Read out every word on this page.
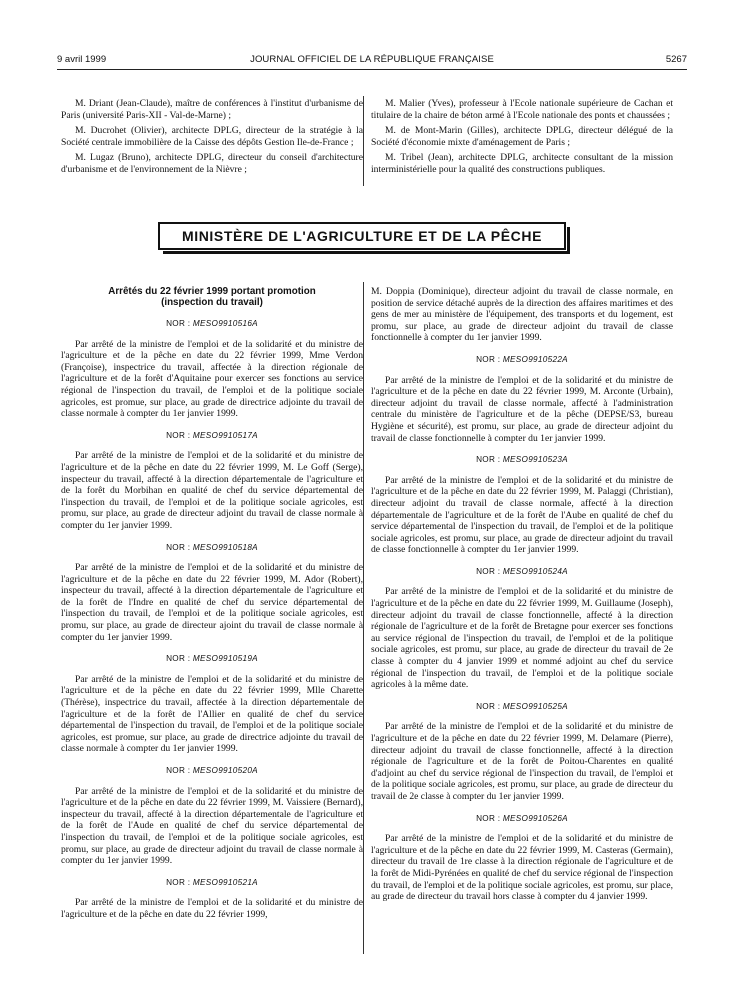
9 avril 1999	JOURNAL OFFICIEL DE LA RÉPUBLIQUE FRANÇAISE	5267

M. Driant (Jean-Claude), maître de conférences à l'institut d'urbanisme de Paris (université Paris-XII - Val-de-Marne) ;

M. Ducrohet (Olivier), architecte DPLG, directeur de la stratégie à la Société centrale immobilière de la Caisse des dépôts Gestion Ile-de-France ;

M. Lugaz (Bruno), architecte DPLG, directeur du conseil d'architecture d'urbanisme et de l'environnement de la Nièvre ;

M. Malier (Yves), professeur à l'Ecole nationale supérieure de Cachan et titulaire de la chaire de béton armé à l'Ecole nationale des ponts et chaussées ;

M. de Mont-Marin (Gilles), architecte DPLG, directeur délégué de la Société d'économie mixte d'aménagement de Paris ;

M. Tribel (Jean), architecte DPLG, architecte consultant de la mission interministérielle pour la qualité des constructions publiques.

MINISTÈRE DE L'AGRICULTURE ET DE LA PÊCHE
Arrêtés du 22 février 1999 portant promotion
(inspection du travail)
NOR : MESO9910516A

Par arrêté de la ministre de l'emploi et de la solidarité et du ministre de l'agriculture et de la pêche en date du 22 février 1999, Mme Verdon (Françoise), inspectrice du travail, affectée à la direction régionale de l'agriculture et de la forêt d'Aquitaine pour exercer ses fonctions au service régional de l'inspection du travail, de l'emploi et de la politique sociale agricoles, est promue, sur place, au grade de directrice adjointe du travail de classe normale à compter du 1er janvier 1999.

NOR : MESO9910517A

Par arrêté de la ministre de l'emploi et de la solidarité et du ministre de l'agriculture et de la pêche en date du 22 février 1999, M. Le Goff (Serge), inspecteur du travail, affecté à la direction départementale de l'agriculture et de la forêt du Morbihan en qualité de chef du service départemental de l'inspection du travail, de l'emploi et de la politique sociale agricoles, est promu, sur place, au grade de directeur adjoint du travail de classe normale à compter du 1er janvier 1999.

NOR : MESO9910518A

Par arrêté de la ministre de l'emploi et de la solidarité et du ministre de l'agriculture et de la pêche en date du 22 février 1999, M. Ador (Robert), inspecteur du travail, affecté à la direction départementale de l'agriculture et de la forêt de l'Indre en qualité de chef du service départemental de l'inspection du travail, de l'emploi et de la politique sociale agricoles, est promu, sur place, au grade de directeur ajoint du travail de classe normale à compter du 1er janvier 1999.

NOR : MESO9910519A

Par arrêté de la ministre de l'emploi et de la solidarité et du ministre de l'agriculture et de la pêche en date du 22 février 1999, Mlle Charette (Thérèse), inspectrice du travail, affectée à la direction départementale de l'agriculture et de la forêt de l'Allier en qualité de chef du service départemental de l'inspection du travail, de l'emploi et de la politique sociale agricoles, est promue, sur place, au grade de directrice adjointe du travail de classe normale à compter du 1er janvier 1999.

NOR : MESO9910520A

Par arrêté de la ministre de l'emploi et de la solidarité et du ministre de l'agriculture et de la pêche en date du 22 février 1999, M. Vaissiere (Bernard), inspecteur du travail, affecté à la direction départementale de l'agriculture et de la forêt de l'Aude en qualité de chef du service départemental de l'inspection du travail, de l'emploi et de la politique sociale agricoles, est promu, sur place, au grade de directeur adjoint du travail de classe normale à compter du 1er janvier 1999.

NOR : MESO9910521A

Par arrêté de la ministre de l'emploi et de la solidarité et du ministre de l'agriculture et de la pêche en date du 22 février 1999,

M. Doppia (Dominique), directeur adjoint du travail de classe normale, en position de service détaché auprès de la direction des affaires maritimes et des gens de mer au ministère de l'équipement, des transports et du logement, est promu, sur place, au grade de directeur adjoint du travail de classe fonctionnelle à compter du 1er janvier 1999.

NOR : MESO9910522A

Par arrêté de la ministre de l'emploi et de la solidarité et du ministre de l'agriculture et de la pêche en date du 22 février 1999, M. Arconte (Urbain), directeur adjoint du travail de classe normale, affecté à l'administration centrale du ministère de l'agriculture et de la pêche (DEPSE/S3, bureau Hygiène et sécurité), est promu, sur place, au grade de directeur adjoint du travail de classe fonctionnelle à compter du 1er janvier 1999.

NOR : MESO9910523A

Par arrêté de la ministre de l'emploi et de la solidarité et du ministre de l'agriculture et de la pêche en date du 22 février 1999, M. Palaggi (Christian), directeur adjoint du travail de classe normale, affecté à la direction départementale de l'agriculture et de la forêt de l'Aube en qualité de chef du service départemental de l'inspection du travail, de l'emploi et de la politique sociale agricoles, est promu, sur place, au grade de directeur adjoint du travail de classe fonctionnelle à compter du 1er janvier 1999.

NOR : MESO9910524A

Par arrêté de la ministre de l'emploi et de la solidarité et du ministre de l'agriculture et de la pêche en date du 22 février 1999, M. Guillaume (Joseph), directeur adjoint du travail de classe fonctionnelle, affecté à la direction régionale de l'agriculture et de la forêt de Bretagne pour exercer ses fonctions au service régional de l'inspection du travail, de l'emploi et de la politique sociale agricoles, est promu, sur place, au grade de directeur du travail de 2e classe à compter du 4 janvier 1999 et nommé adjoint au chef du service régional de l'inspection du travail, de l'emploi et de la politique sociale agricoles à la même date.

NOR : MESO9910525A

Par arrêté de la ministre de l'emploi et de la solidarité et du ministre de l'agriculture et de la pêche en date du 22 février 1999, M. Delamare (Pierre), directeur adjoint du travail de classe fonctionnelle, affecté à la direction régionale de l'agriculture et de la forêt de Poitou-Charentes en qualité d'adjoint au chef du service régional de l'inspection du travail, de l'emploi et de la politique sociale agricoles, est promu, sur place, au grade de directeur du travail de 2e classe à compter du 1er janvier 1999.

NOR : MESO9910526A

Par arrêté de la ministre de l'emploi et de la solidarité et du ministre de l'agriculture et de la pêche en date du 22 février 1999, M. Casteras (Germain), directeur du travail de 1re classe à la direction régionale de l'agriculture et de la forêt de Midi-Pyrénées en qualité de chef du service régional de l'inspection du travail, de l'emploi et de la politique sociale agricoles, est promu, sur place, au grade de directeur du travail hors classe à compter du 4 janvier 1999.
